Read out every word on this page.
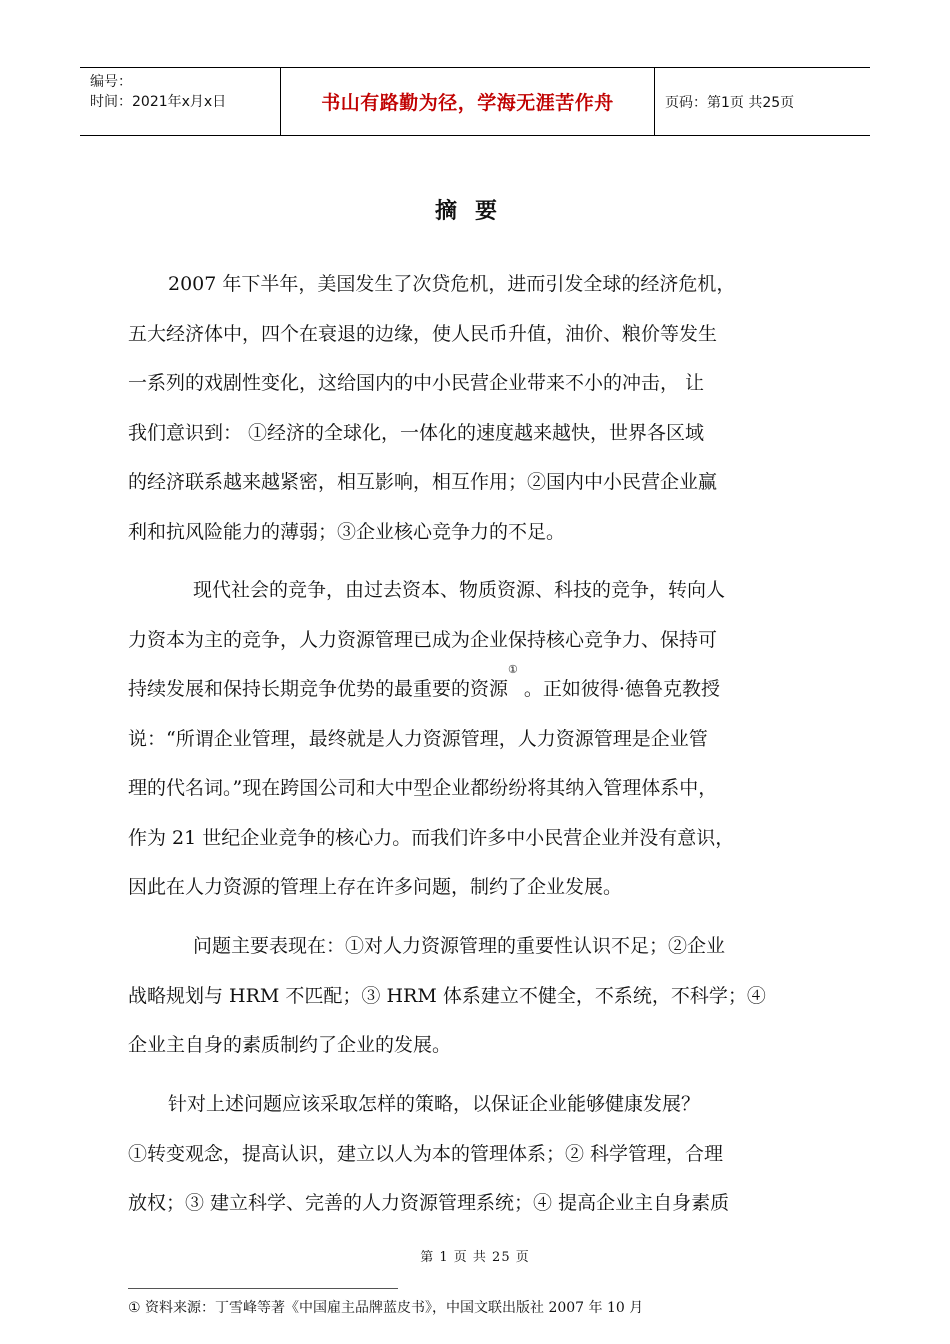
编号：
时间：2021年x月x日	书山有路勤为径，学海无涯苦作舟	页码：第1页 共25页
摘要
2007 年下半年，美国发生了次贷危机，进而引发全球的经济危机，
五大经济体中，四个在衰退的边缘，使人民币升值，油价、粮价等发生
一系列的戏剧性变化，这给国内的中小民营企业带来不小的冲击， 让
我们意识到： ①经济的全球化，一体化的速度越来越快，世界各区域
的经济联系越来越紧密，相互影响，相互作用；②国内中小民营企业赢
利和抗风险能力的薄弱；③企业核心竞争力的不足。
现代社会的竞争，由过去资本、物质资源、科技的竞争，转向人
力资本为主的竞争，人力资源管理已成为企业保持核心竞争力、保持可
持续发展和保持长期竞争优势的最重要的资源① 。正如彼得·德鲁克教授
说：“所谓企业管理，最终就是人力资源管理，人力资源管理是企业管
理的代名词。”现在跨国公司和大中型企业都纷纷将其纳入管理体系中，
作为 21 世纪企业竞争的核心力。而我们许多中小民营企业并没有意识，
因此在人力资源的管理上存在许多问题，制约了企业发展。
问题主要表现在：①对人力资源管理的重要性认识不足；②企业
战略规划与 HRM 不匹配；③ HRM 体系建立不健全，不系统，不科学；④
企业主自身的素质制约了企业的发展。
针对上述问题应该采取怎样的策略，以保证企业能够健康发展？
①转变观念，提高认识，建立以人为本的管理体系；② 科学管理，合理
放权；③ 建立科学、完善的人力资源管理系统；④ 提高企业主自身素质
第 1 页 共 25 页
① 资料来源：丁雪峰等著《中国雇主品牌蓝皮书》，中国文联出版社 2007 年 10 月
